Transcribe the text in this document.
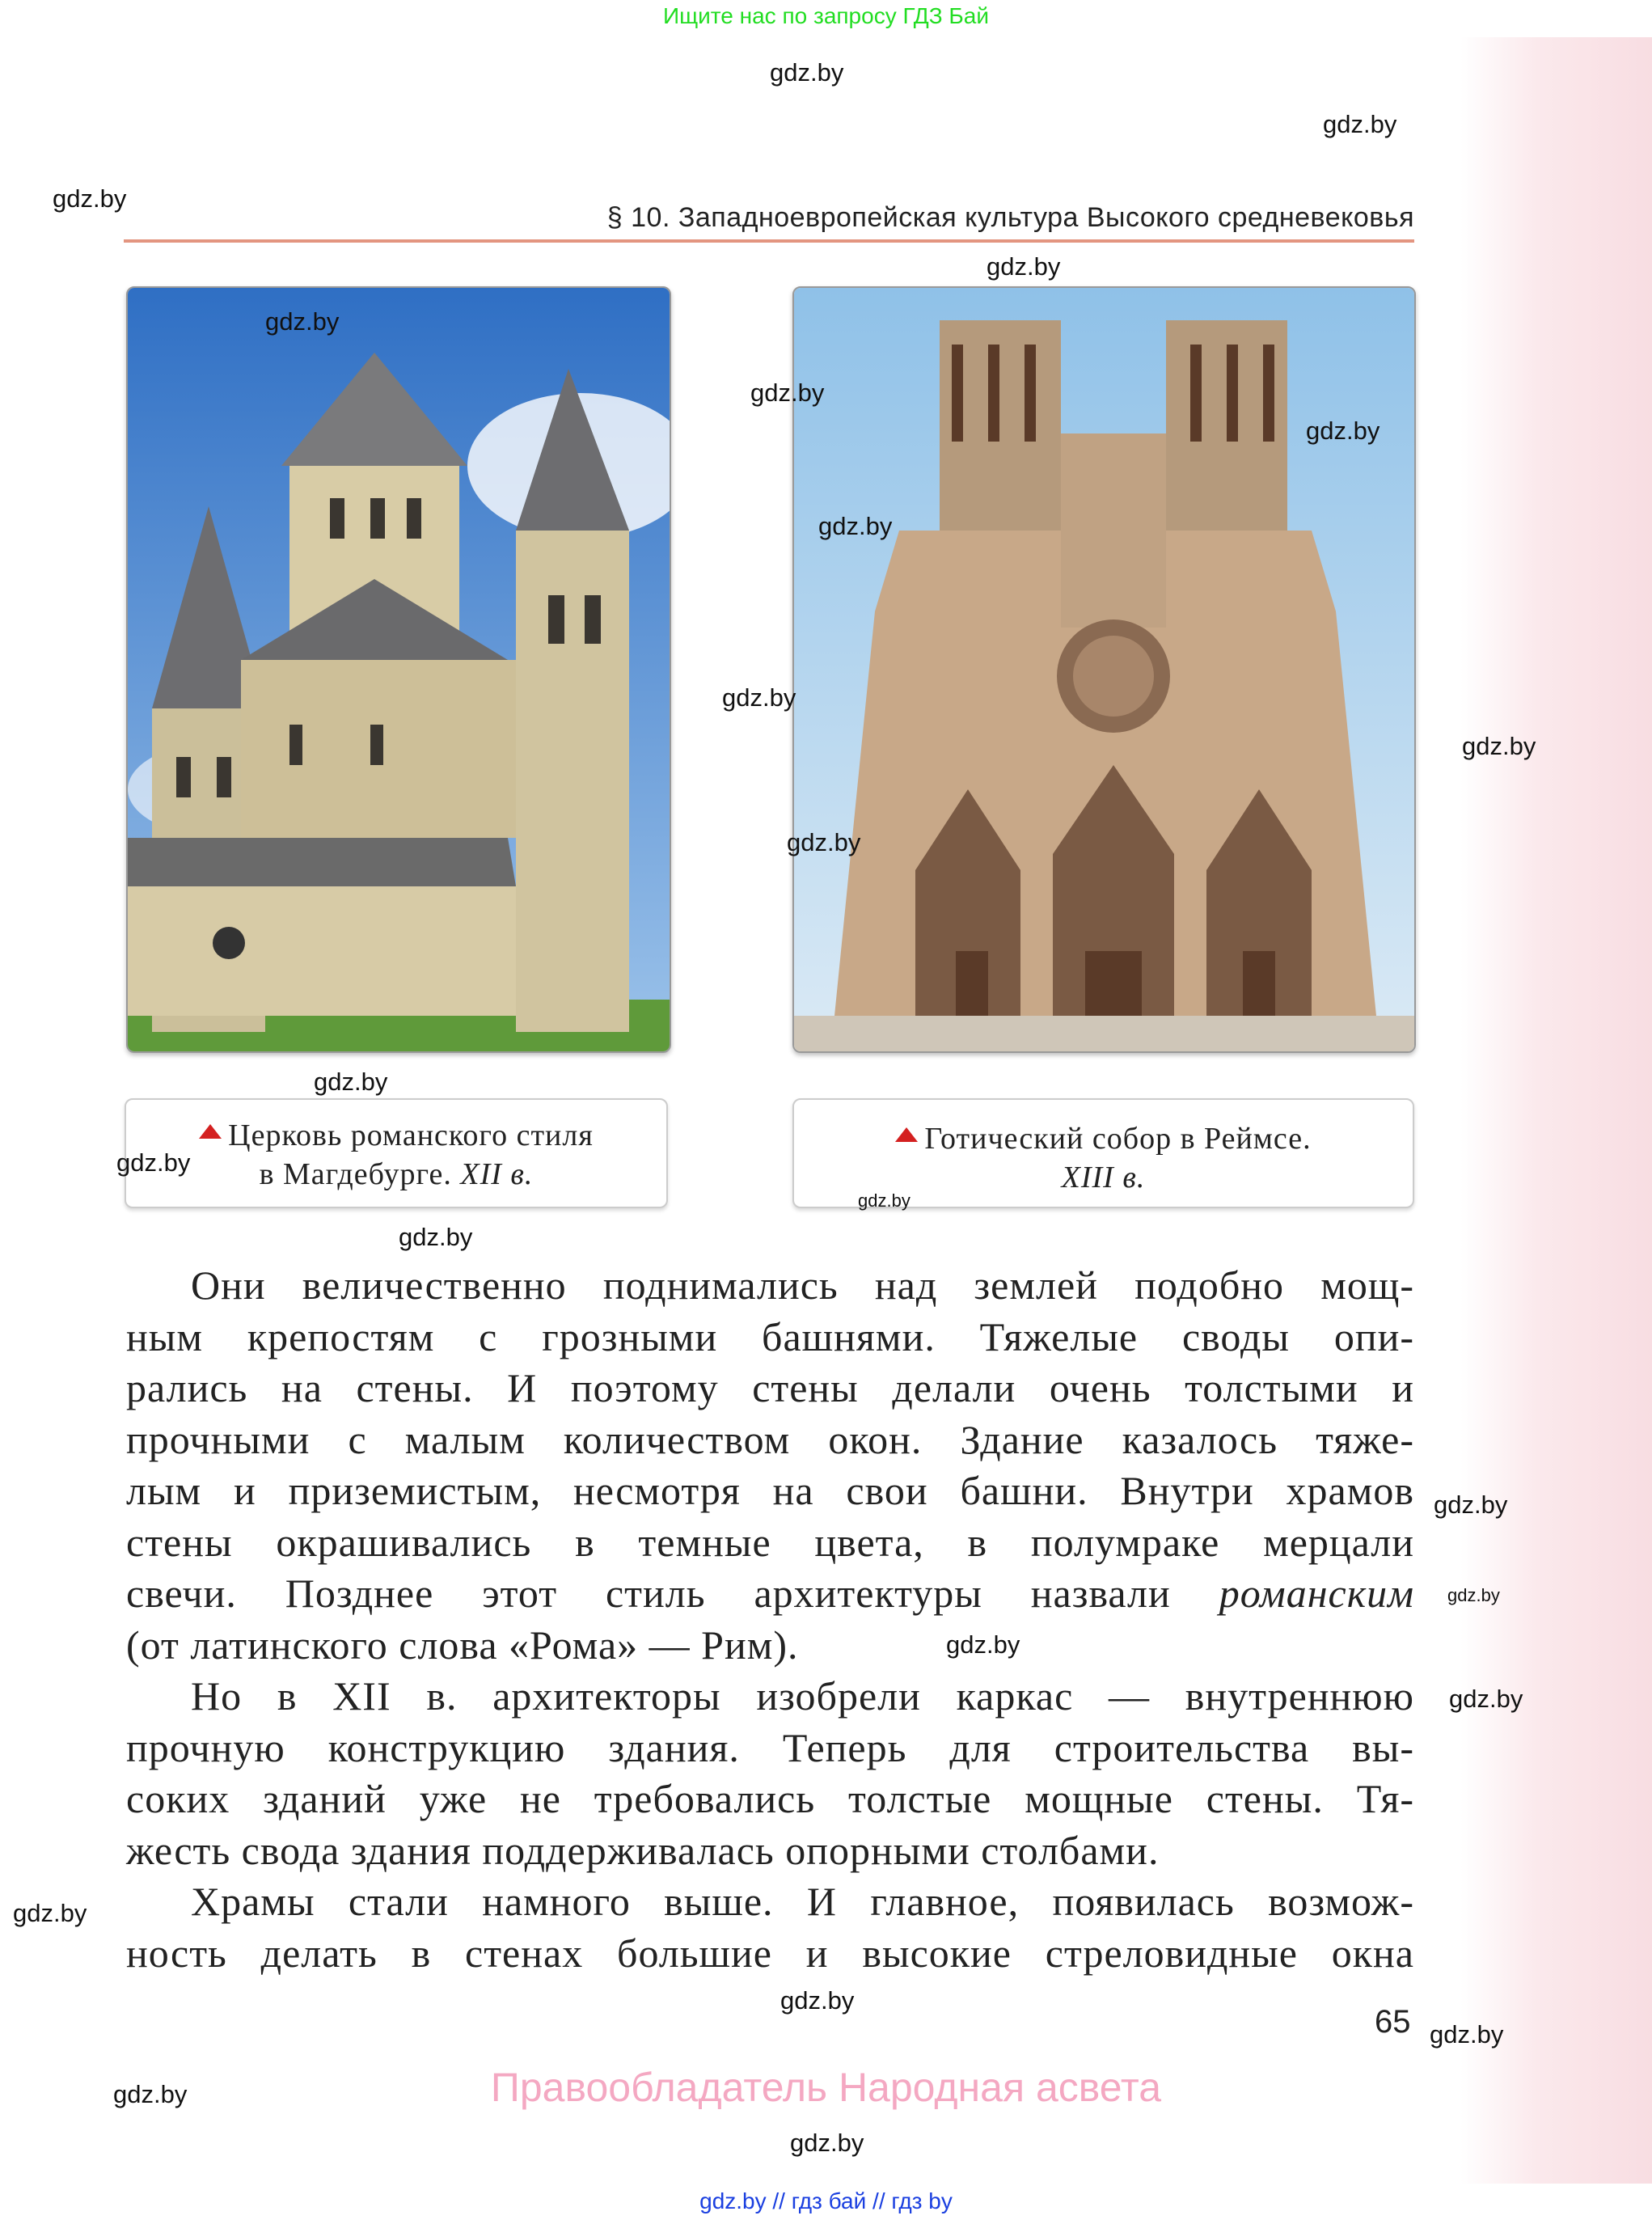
Ищите нас по запросу ГДЗ Бай
§ 10. Западноевропейская культура Высокого средневековья
Церковь романского стиля
в Магдебурге. XII в.
Готический собор в Реймсе.
XIII в.
Они величественно поднимались над землей подобно мощ-
ным крепостям с грозными башнями. Тяжелые своды опи-
рались на стены. И поэтому стены делали очень толстыми и
прочными с малым количеством окон. Здание казалось тяже-
лым и приземистым, несмотря на свои башни. Внутри храмов
стены окрашивались в темные цвета, в полумраке мерцали
свечи. Позднее этот стиль архитектуры назвали романским
(от латинского слова «Рома» — Рим).
Но в XII в. архитекторы изобрели каркас — внутреннюю
прочную конструкцию здания. Теперь для строительства вы-
соких зданий уже не требовались толстые мощные стены. Тя-
жесть свода здания поддерживалась опорными столбами.
Храмы стали намного выше. И главное, появилась возмож-
ность делать в стенах большие и высокие стреловидные окна
65
Правообладатель Народная асвета
gdz.by // гдз бай // гдз by
gdz.by
gdz.by
gdz.by
gdz.by
gdz.by
gdz.by
gdz.by
gdz.by
gdz.by
gdz.by
gdz.by
gdz.by
gdz.by
gdz.by
gdz.by
gdz.by
gdz.by
gdz.by
gdz.by
gdz.by
gdz.by
gdz.by
gdz.by
gdz.by
